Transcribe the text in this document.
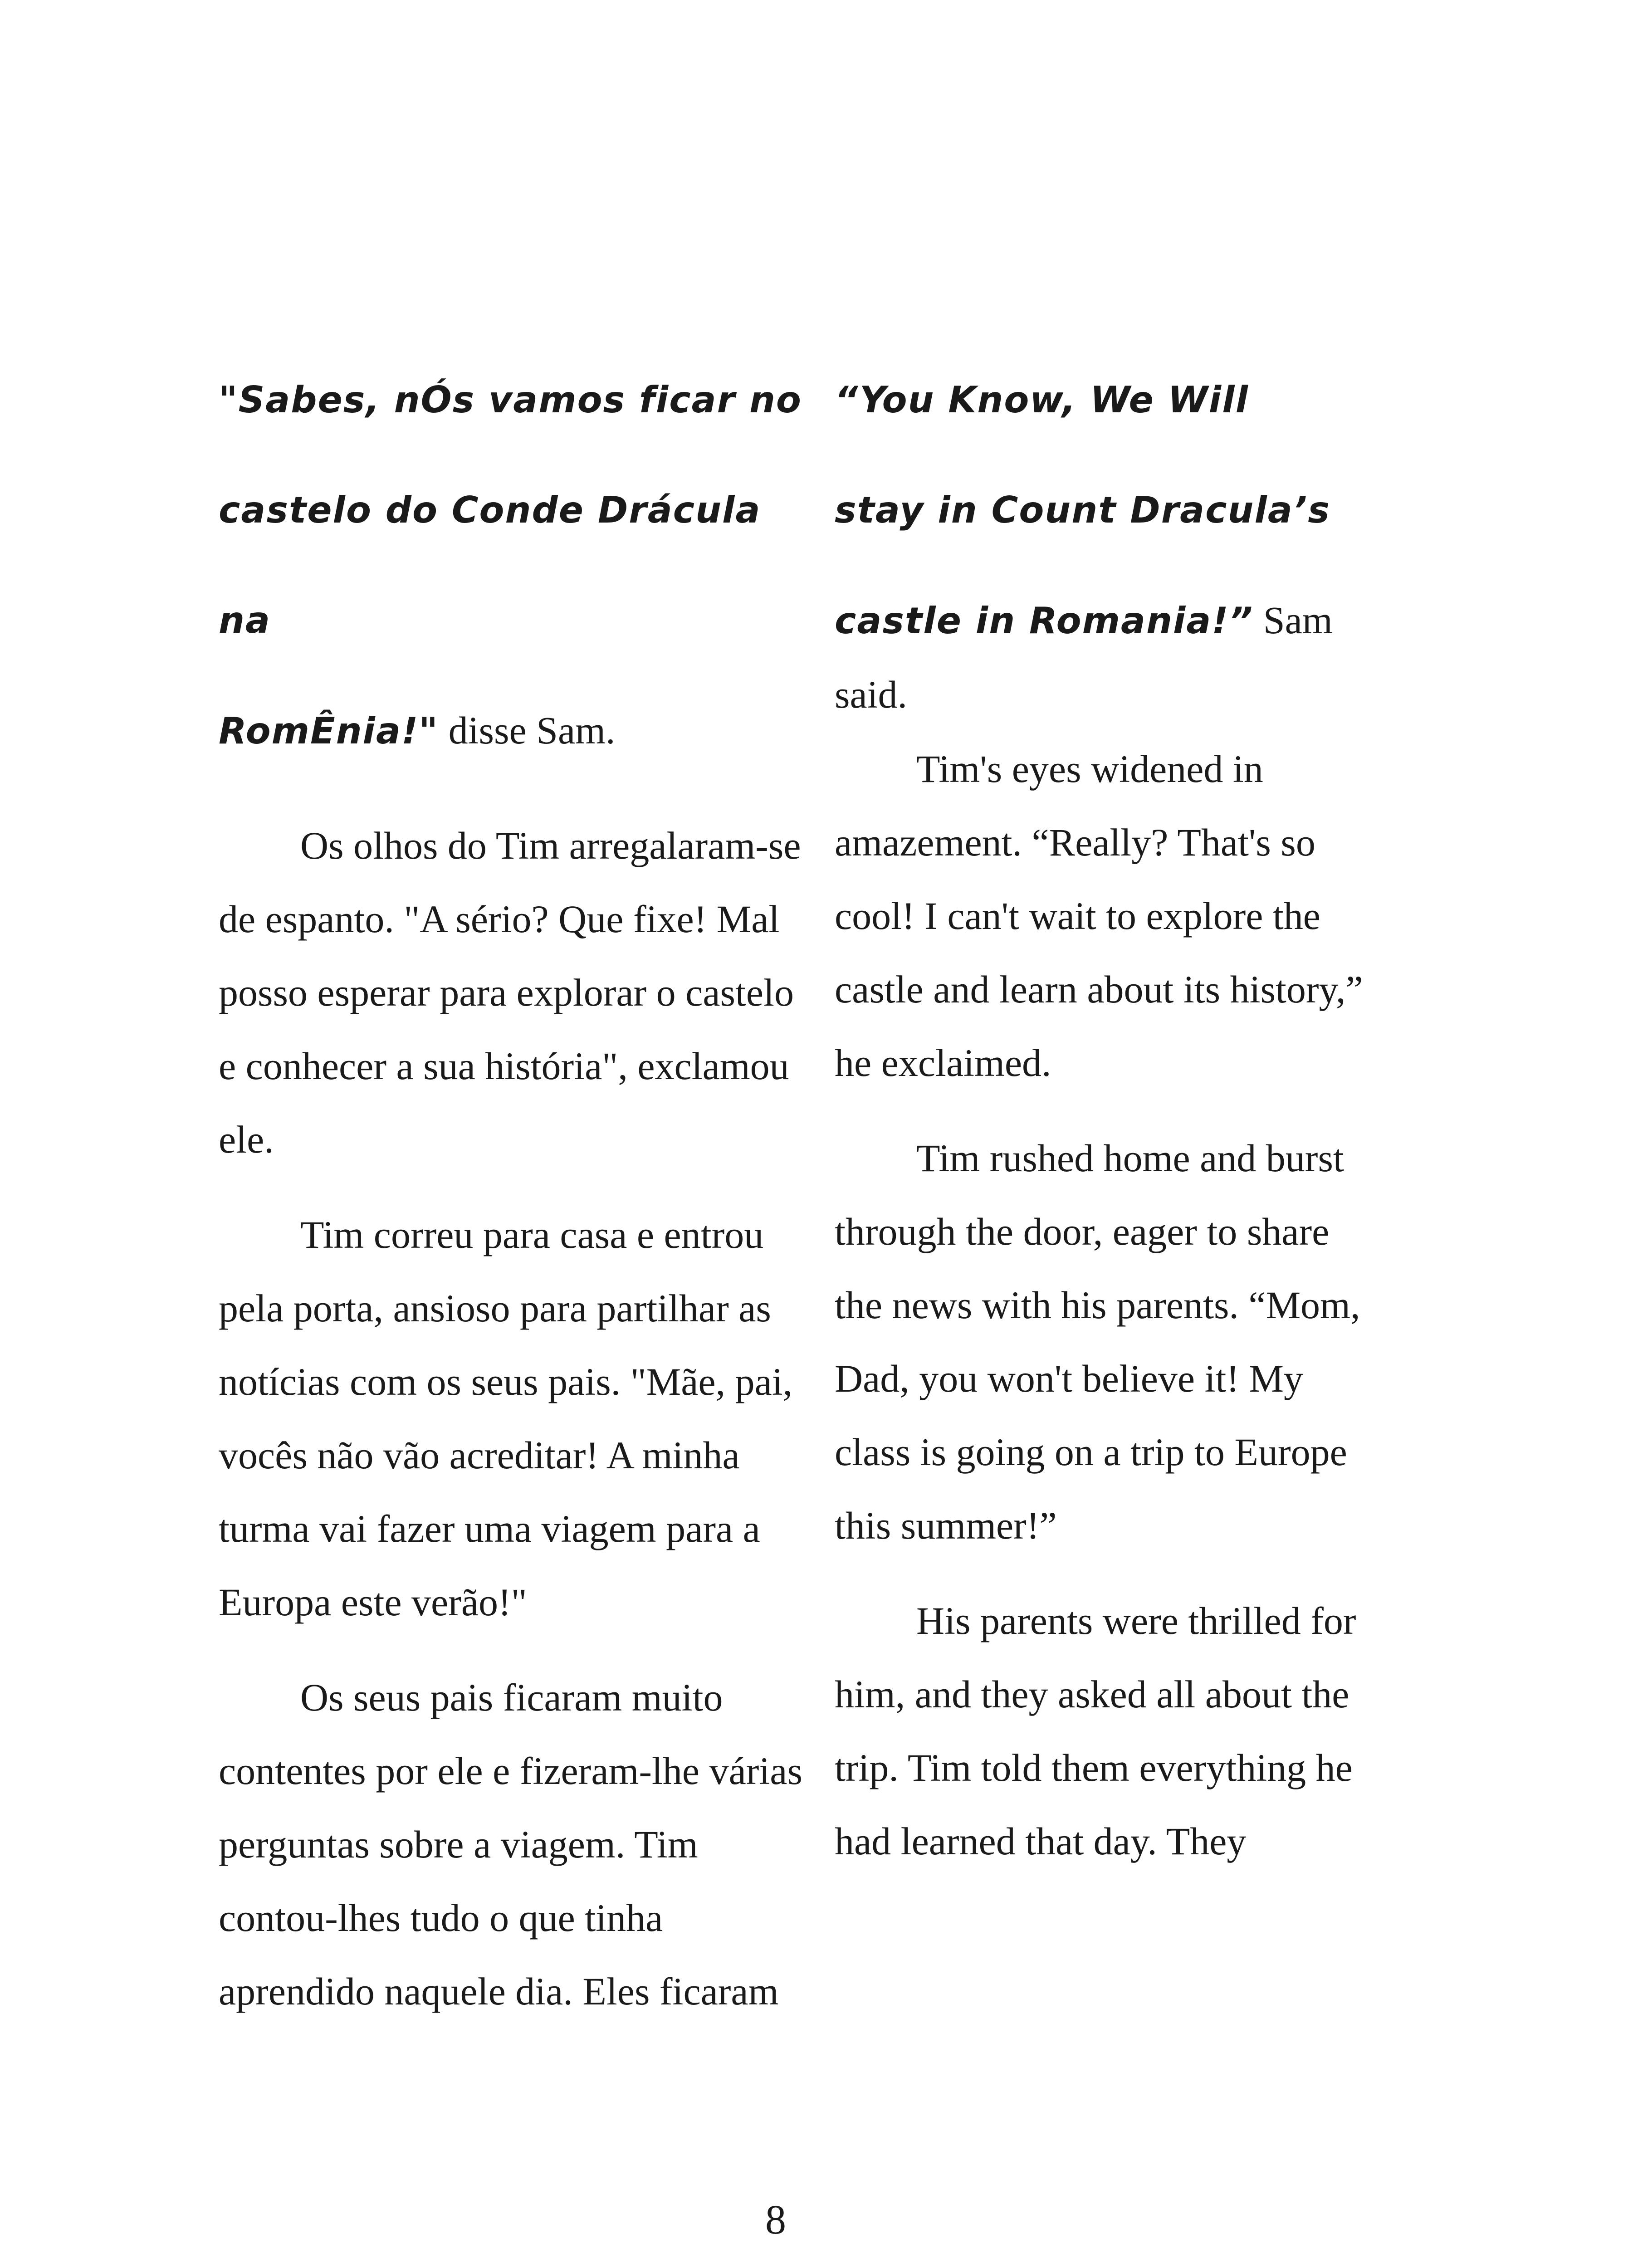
"Sabes, nÓs vamos ficar no
castelo do Conde Drácula na
RomÊnia!" disse Sam.

Os olhos do Tim arregalaram-se de espanto. "A sério? Que fixe! Mal posso esperar para explorar o castelo e conhecer a sua história", exclamou ele.

Tim correu para casa e entrou pela porta, ansioso para partilhar as notícias com os seus pais. "Mãe, pai, vocês não vão acreditar! A minha turma vai fazer uma viagem para a Europa este verão!"

Os seus pais ficaram muito contentes por ele e fizeram-lhe várias perguntas sobre a viagem. Tim contou-lhes tudo o que tinha aprendido naquele dia. Eles ficaram

“You Know, We Will
stay in Count Dracula’s
castle in Romania!” Sam said.

Tim's eyes widened in amazement. “Really? That's so cool! I can't wait to explore the castle and learn about its history,” he exclaimed.

Tim rushed home and burst through the door, eager to share the news with his parents. “Mom, Dad, you won't believe it! My class is going on a trip to Europe this summer!”

His parents were thrilled for him, and they asked all about the trip. Tim told them everything he had learned that day. They

8
